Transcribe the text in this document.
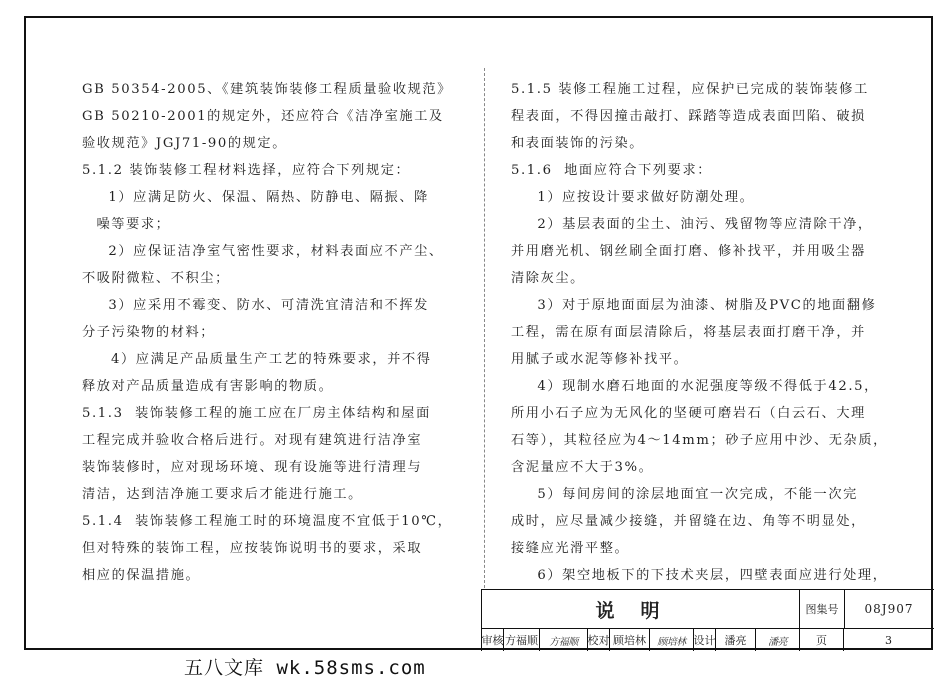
GB 50354-2005、《建筑装饰装修工程质量验收规范》

GB 50210-2001的规定外，还应符合《洁净室施工及

验收规范》JGJ71-90的规定。

5.1.2 装饰装修工程材料选择，应符合下列规定：

1）应满足防火、保温、隔热、防静电、隔振、降

噪等要求；

2）应保证洁净室气密性要求，材料表面应不产尘、

不吸附微粒、不积尘；

3）应采用不霉变、防水、可清洗宜清洁和不挥发

分子污染物的材料；

4）应满足产品质量生产工艺的特殊要求，并不得

释放对产品质量造成有害影响的物质。

5.1.3  装饰装修工程的施工应在厂房主体结构和屋面

工程完成并验收合格后进行。对现有建筑进行洁净室

装饰装修时，应对现场环境、现有设施等进行清理与

清洁，达到洁净施工要求后才能进行施工。

5.1.4  装饰装修工程施工时的环境温度不宜低于10℃，

但对特殊的装饰工程，应按装饰说明书的要求，采取

相应的保温措施。

5.1.5 装修工程施工过程，应保护已完成的装饰装修工

程表面，不得因撞击敲打、踩踏等造成表面凹陷、破损

和表面装饰的污染。

5.1.6  地面应符合下列要求：

1）应按设计要求做好防潮处理。

2）基层表面的尘土、油污、残留物等应清除干净，

并用磨光机、钢丝刷全面打磨、修补找平，并用吸尘器

清除灰尘。

3）对于原地面面层为油漆、树脂及PVC的地面翻修

工程，需在原有面层清除后，将基层表面打磨干净，并

用腻子或水泥等修补找平。

4）现制水磨石地面的水泥强度等级不得低于42.5，

所用小石子应为无风化的坚硬可磨岩石（白云石、大理

石等），其粒径应为4～14mm；砂子应用中沙、无杂质，

含泥量应不大于3%。

5）每间房间的涂层地面宜一次完成，不能一次完

成时，应尽量减少接缝，并留缝在边、角等不明显处，

接缝应光滑平整。

6）架空地板下的下技术夹层，四壁表面应进行处理，

说明	图集号	08J907
审核 方福顺	方福顺 校对 顾培林	顾培林 设计 潘亮	潘亮	页	3
五八文库 wk.58sms.com
